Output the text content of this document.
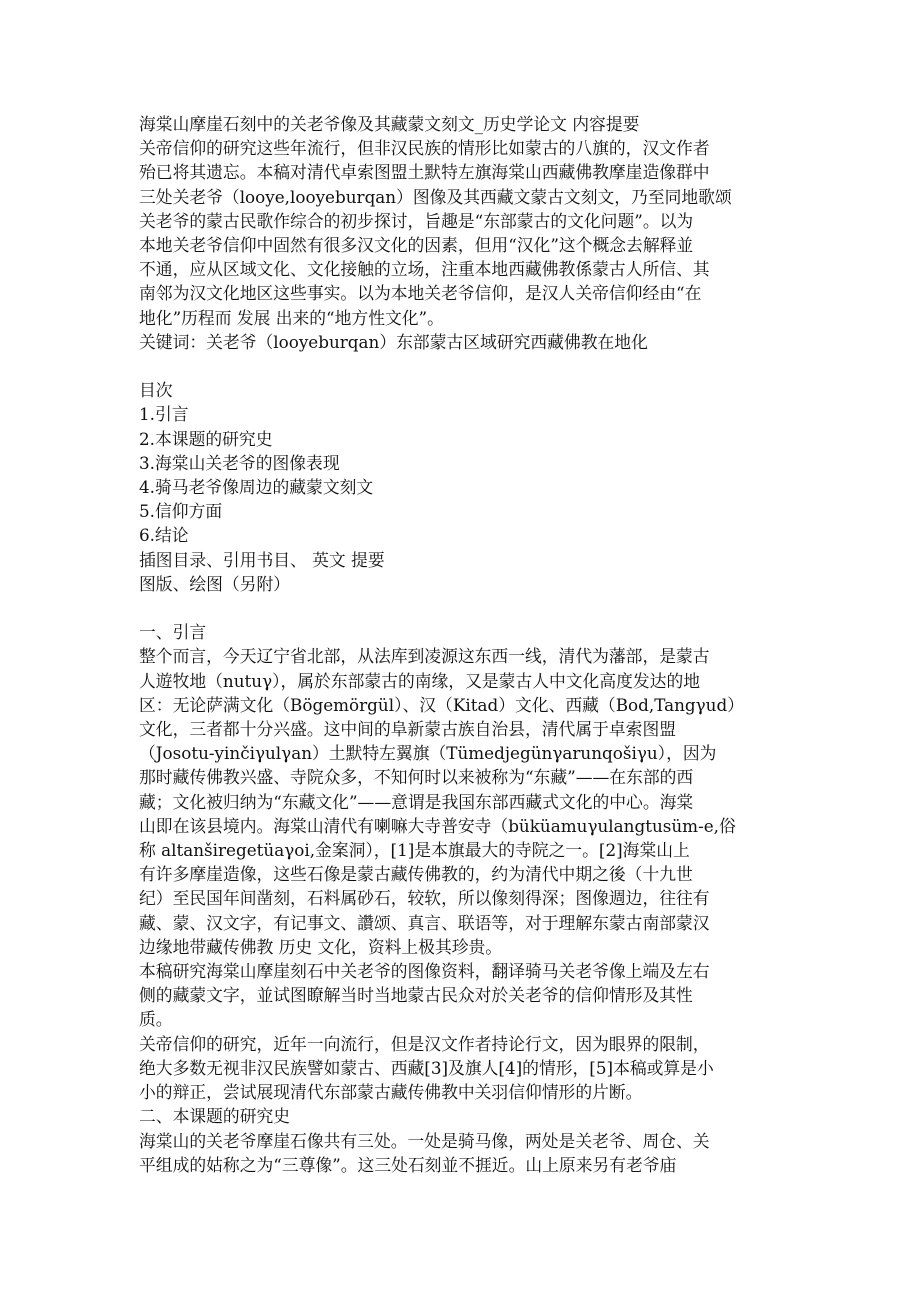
海棠山摩崖石刻中的关老爷像及其藏蒙文刻文_历史学论文 内容提要
关帝信仰的研究这些年流行，但非汉民族的情形比如蒙古的八旗的，汉文作者
殆已将其遗忘。本稿对清代卓索图盟土默特左旗海棠山西藏佛教摩崖造像群中
三处关老爷（looye,looyeburqan）图像及其西藏文蒙古文刻文，乃至同地歌颂
关老爷的蒙古民歌作综合的初步探讨，旨趣是“东部蒙古的文化问题”。以为
本地关老爷信仰中固然有很多汉文化的因素，但用“汉化”这个概念去解释並
不通，应从区域文化、文化接触的立场，注重本地西藏佛教係蒙古人所信、其
南邻为汉文化地区这些事实。以为本地关老爷信仰，是汉人关帝信仰经由“在
地化”历程而 发展 出来的“地方性文化”。
关键词：关老爷（looyeburqan）东部蒙古区域研究西藏佛教在地化
目次
1.引言
2.本课题的研究史
3.海棠山关老爷的图像表现
4.骑马老爷像周边的藏蒙文刻文
5.信仰方面
6.结论
插图目录、引用书目、 英文 提要
图版、绘图（另附）
一、引言
整个而言，今天辽宁省北部，从法库到凌源这东西一线，清代为藩部，是蒙古
人遊牧地（nutuγ），属於东部蒙古的南缘，又是蒙古人中文化高度发达的地
区：无论萨满文化（Bögemörgül）、汉（Kitad）文化、西藏（Bod,Tangγud）
文化，三者都十分兴盛。这中间的阜新蒙古族自治县，清代属于卓索图盟
（Josotu-yinčiγulγan）土默特左翼旗（Tümedjegünγarunqošiγu），因为
那时藏传佛教兴盛、寺院众多，不知何时以来被称为“东藏”——在东部的西
藏；文化被归纳为“东藏文化”——意谓是我国东部西藏式文化的中心。海棠
山即在该县境内。海棠山清代有喇嘛大寺普安寺（büküamuγulangtusüm-e,俗
称 altanširegetüaγoi,金案洞），[1]是本旗最大的寺院之一。[2]海棠山上
有许多摩崖造像，这些石像是蒙古藏传佛教的，约为清代中期之後（十九世
纪）至民国年间凿刻，石料属砂石，较软，所以像刻得深；图像週边，往往有
藏、蒙、汉文字，有记事文、讚颂、真言、联语等，对于理解东蒙古南部蒙汉
边缘地带藏传佛教 历史 文化，资料上极其珍贵。
本稿研究海棠山摩崖刻石中关老爷的图像资料，翻译骑马关老爷像上端及左右
侧的藏蒙文字，並试图瞭解当时当地蒙古民众对於关老爷的信仰情形及其性
质。
关帝信仰的研究，近年一向流行，但是汉文作者持论行文，因为眼界的限制，
绝大多数无视非汉民族譬如蒙古、西藏[3]及旗人[4]的情形，[5]本稿或算是小
小的辩正，尝试展现清代东部蒙古藏传佛教中关羽信仰情形的片断。
二、本课题的研究史
海棠山的关老爷摩崖石像共有三处。一处是骑马像，两处是关老爷、周仓、关
平组成的姑称之为“三尊像”。这三处石刻並不捱近。山上原来另有老爷庙
